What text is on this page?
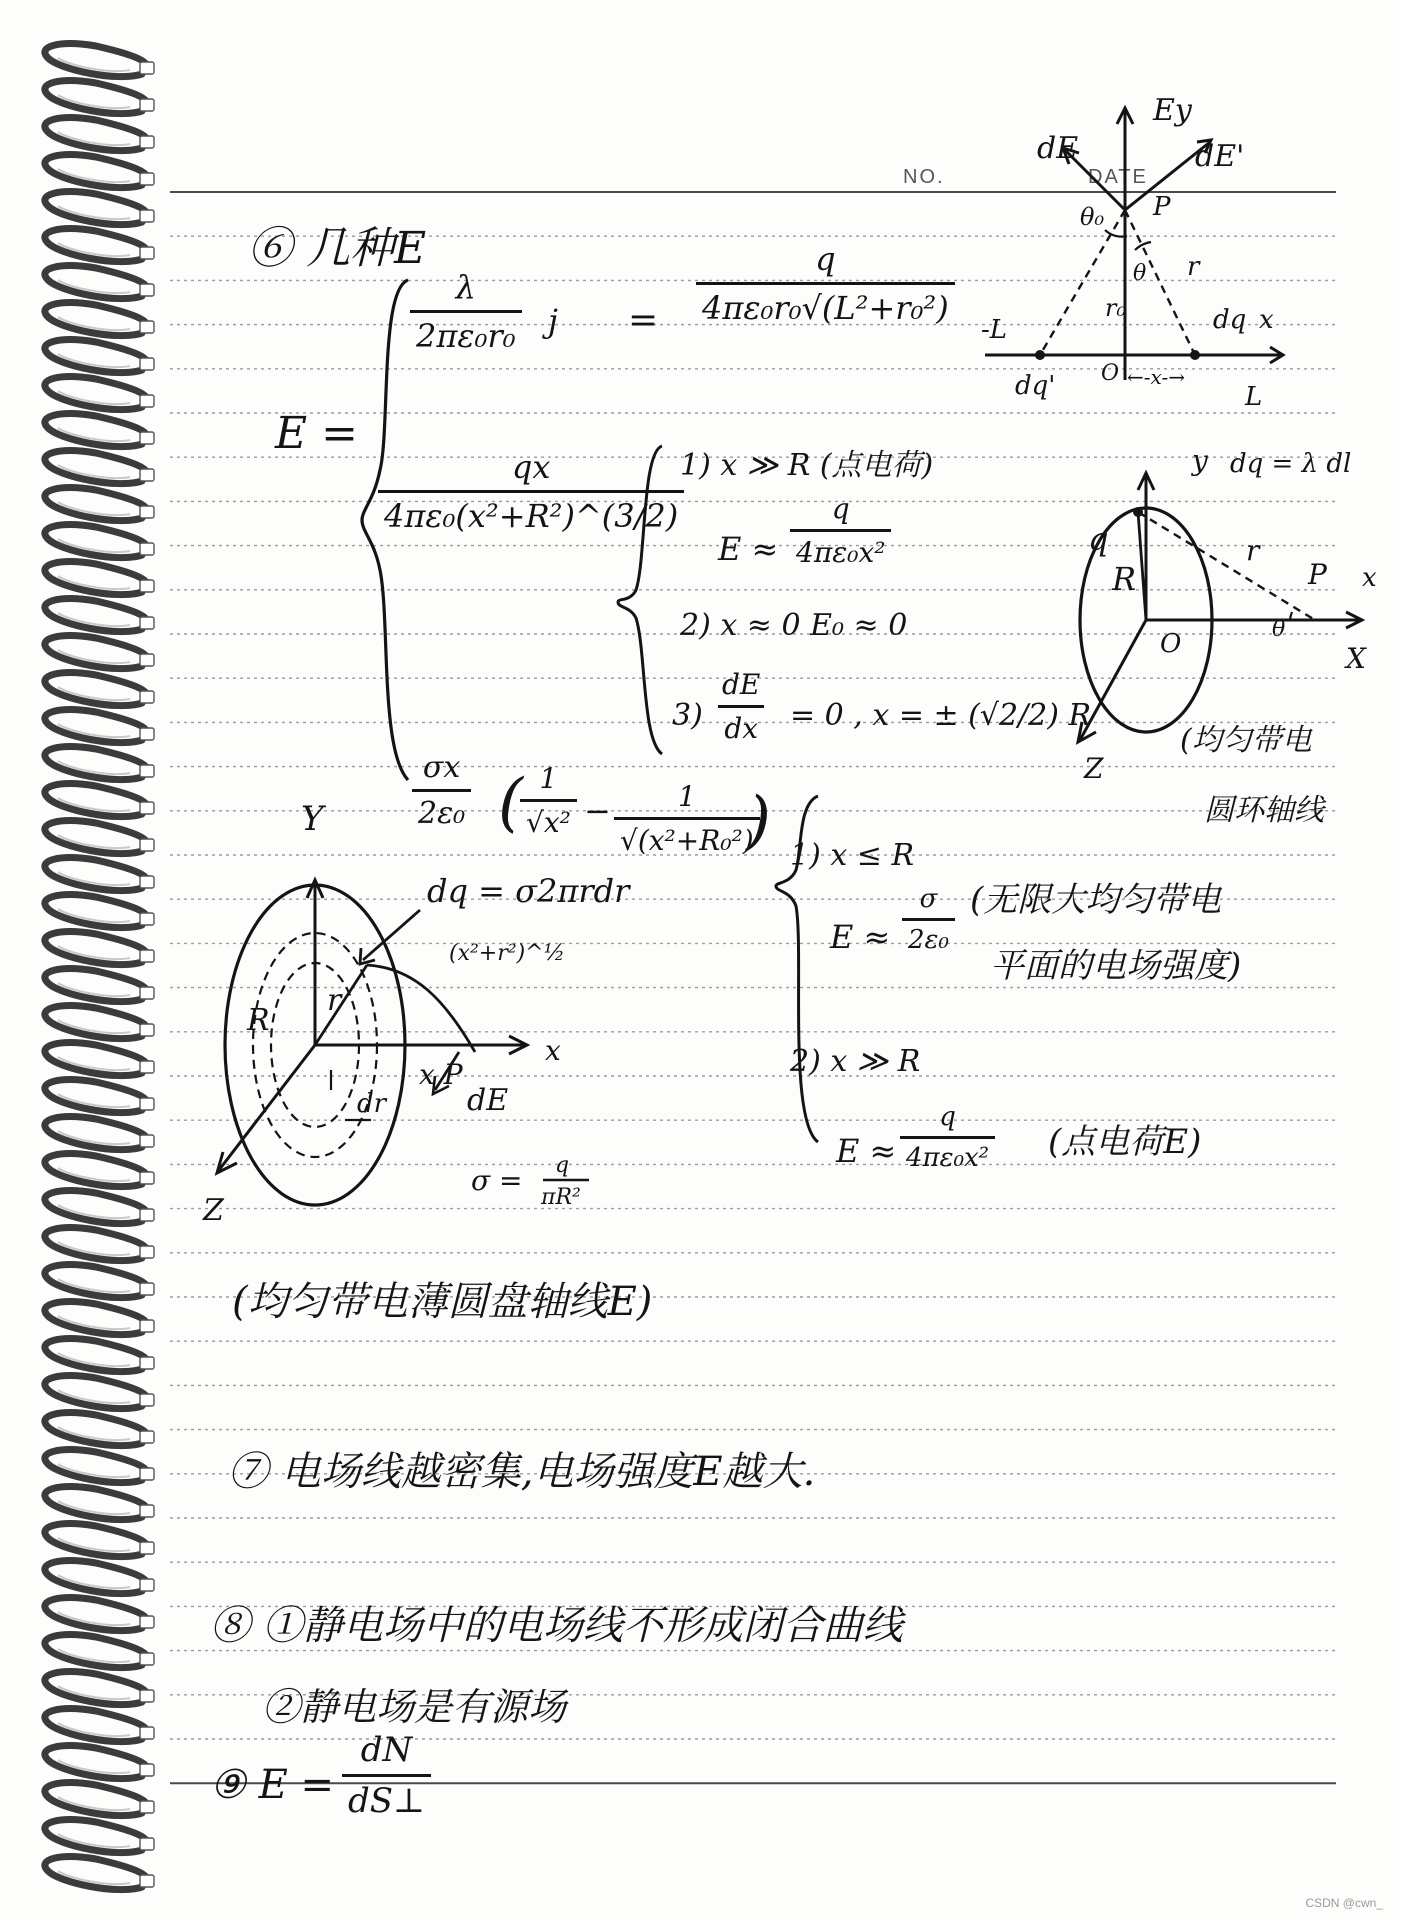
NO.	DATE
⑥ 几种E
E =
$\frac{\lambda}{\text{2πε₀r₀}}$ $j = \frac{q}{\text{4πε₀r₀√(L²+r₀²)}}$
$\frac{qx}{\text{4πε₀(x²+R²)\textasciicircum{}(3/2)}}$
1) x ≫ R (点电荷)
$E \approx \frac{q}{\text{4πε₀x²}}$
2) x ≈ 0 E₀ ≈ 0
$3) \frac{dE}{dx} = 0$ , x = ± (√2/2) R
$\frac{\sigma x}{\text{2ε₀}}$ (
$\frac{1}{\text{√x²}} - \frac{1}{\text{√(x²+R₀²)}}$
) 1) x ≤ R
$E \approx \frac{\sigma}{\text{2ε₀}}$ (无限大均匀带电
平面的电场强度)
2) x ≫ R
$E \approx \frac{q}{\text{4πε₀x²}}$ (点电荷E)
Ey
dE	dE'
θ₀ P
θ r
r₀
-L	dq x
dq' O ←-x-→
L
y dq = λ dl
q	r
P x
R
O	θ
X
Z
(均匀带电
圆环轴线
Y
dq = σ2πrdr
(x²+r²)^½
r
R
x
x P
dE
dr
Z
σ = q
πR²
(均匀带电薄圆盘轴线E)
⑦ 电场线越密集,电场强度E越大.
⑧ ①静电场中的电场线不形成闭合曲线
②静电场是有源场
⑨ $E = \frac{dN}{dS\perp}$
CSDN @cwn_
